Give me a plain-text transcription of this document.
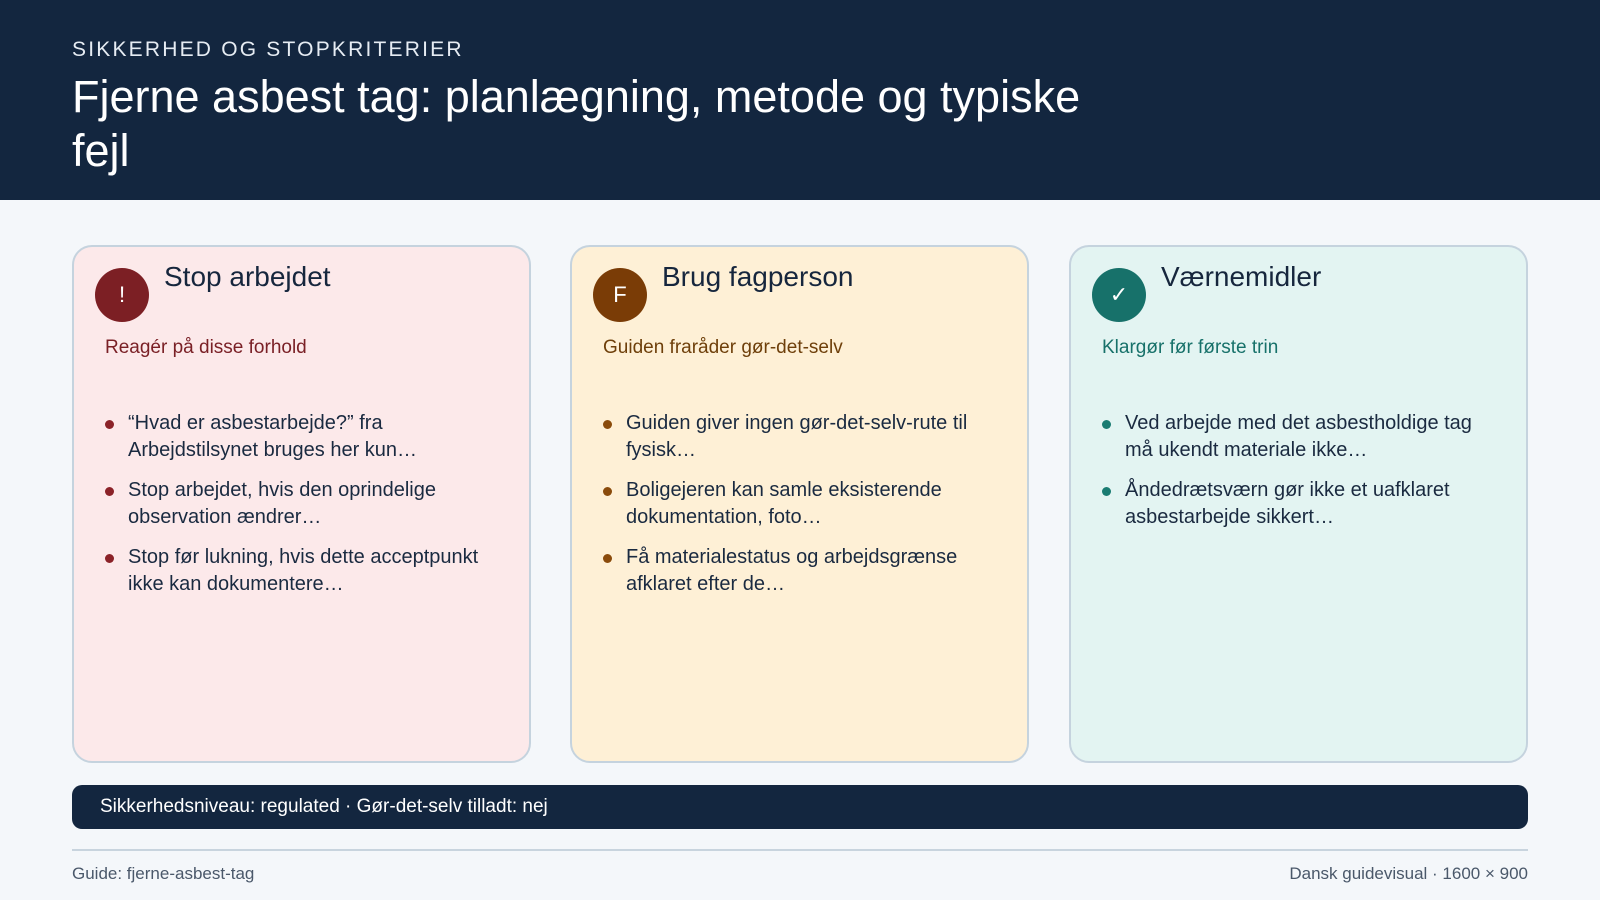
SIKKERHED OG STOPKRITERIER
Fjerne asbest tag: planlægning, metode og typiske fejl
!
Stop arbejdet
Reagér på disse forhold
“Hvad er asbestarbejde?” fra Arbejdstilsynet bruges her kun…
Stop arbejdet, hvis den oprindelige observation ændrer…
Stop før lukning, hvis dette acceptpunkt ikke kan dokumentere…
F
Brug fagperson
Guiden fraråder gør-det-selv
Guiden giver ingen gør-det-selv-rute til fysisk…
Boligejeren kan samle eksisterende dokumentation, foto…
Få materialestatus og arbejdsgrænse afklaret efter de…
✓
Værnemidler
Klargør før første trin
Ved arbejde med det asbestholdige tag må ukendt materiale ikke…
Åndedrætsværn gør ikke et uafklaret asbestarbejde sikkert…
Sikkerhedsniveau: regulated · Gør-det-selv tilladt: nej
Guide: fjerne-asbest-tag	Dansk guidevisual · 1600 × 900
